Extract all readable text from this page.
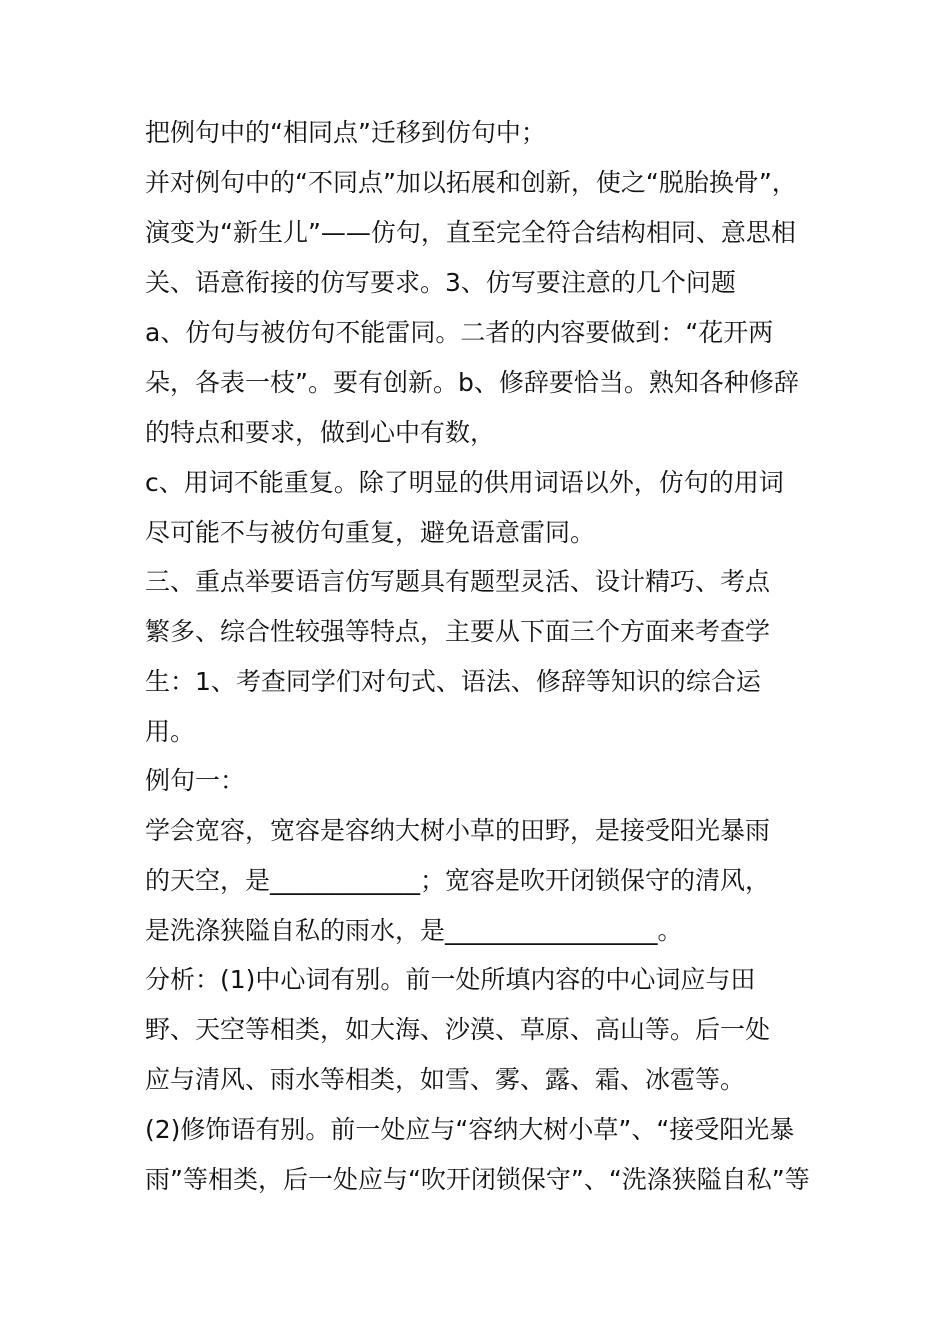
把例句中的“相同点”迁移到仿句中；
并对例句中的“不同点”加以拓展和创新，使之“脱胎换骨”，
演变为“新生儿”——仿句，直至完全符合结构相同、意思相
关、语意衔接的仿写要求。3、仿写要注意的几个问题
a、仿句与被仿句不能雷同。二者的内容要做到：“花开两
朵，各表一枝”。要有创新。b、修辞要恰当。熟知各种修辞
的特点和要求，做到心中有数，
c、用词不能重复。除了明显的供用词语以外，仿句的用词
尽可能不与被仿句重复，避免语意雷同。
三、重点举要语言仿写题具有题型灵活、设计精巧、考点
繁多、综合性较强等特点，主要从下面三个方面来考查学
生：1、考查同学们对句式、语法、修辞等知识的综合运
用。
例句一：
学会宽容，宽容是容纳大树小草的田野，是接受阳光暴雨
的天空，是____________；宽容是吹开闭锁保守的清风，
是洗涤狭隘自私的雨水，是_________________。
分析：(1)中心词有别。前一处所填内容的中心词应与田
野、天空等相类，如大海、沙漠、草原、高山等。后一处
应与清风、雨水等相类，如雪、雾、露、霜、冰雹等。
(2)修饰语有别。前一处应与“容纳大树小草”、“接受阳光暴
雨”等相类，后一处应与“吹开闭锁保守”、“洗涤狭隘自私”等
